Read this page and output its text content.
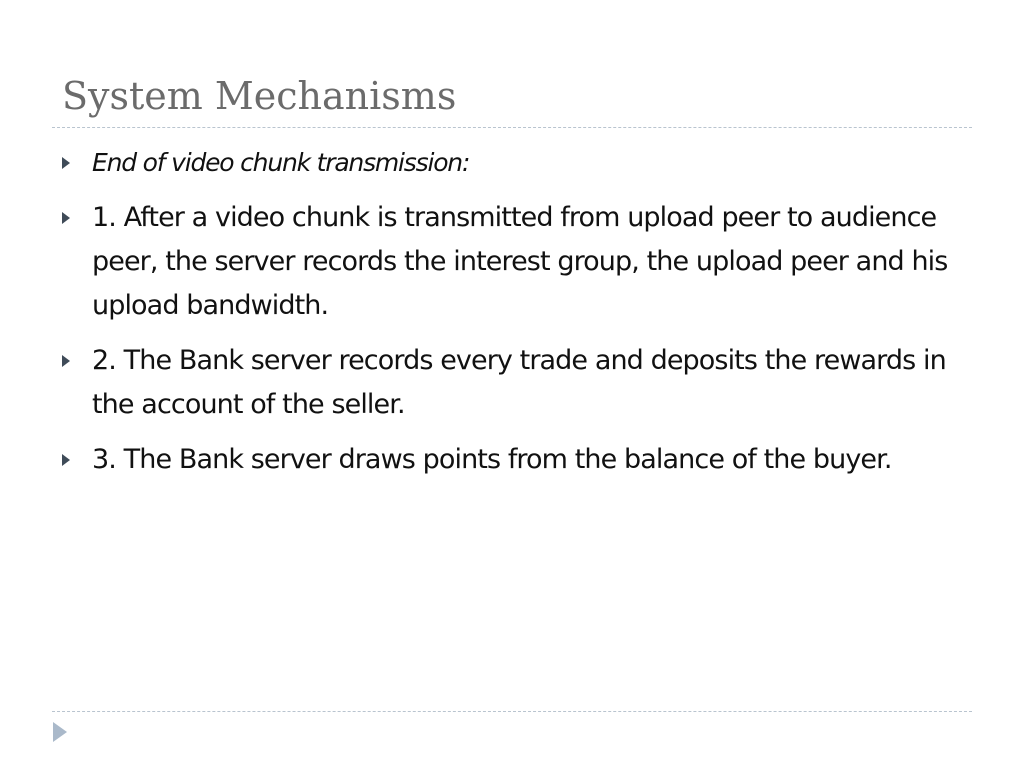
System Mechanisms
End of video chunk transmission:
1. After a video chunk is transmitted from upload peer to audience peer, the server records the interest group, the upload peer and his upload bandwidth.
2. The Bank server records every trade and deposits the rewards in the account of the seller.
3. The Bank server draws points from the balance of the buyer.
